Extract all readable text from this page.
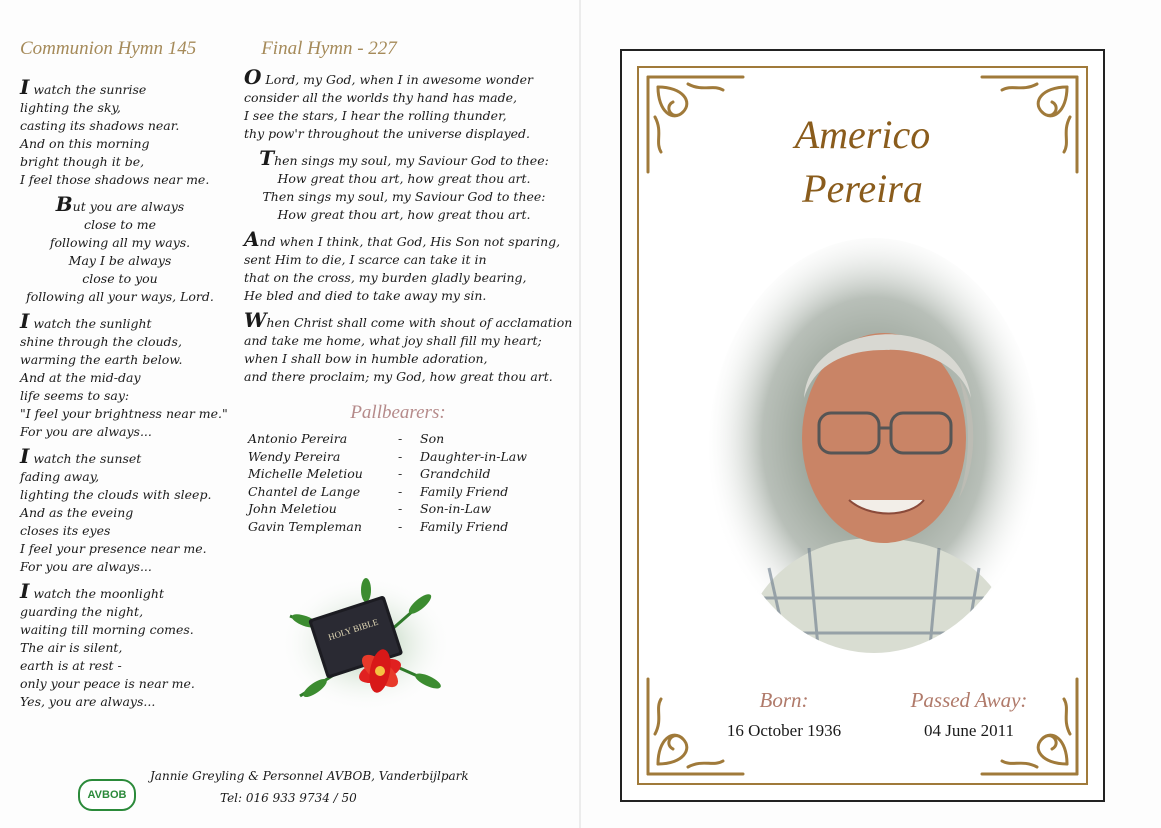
Communion Hymn 145
I watch the sunrise
lighting the sky,
casting its shadows near.
And on this morning
bright though it be,
I feel those shadows near me.
But you are always
close to me
following all my ways.
May I be always
close to you
following all your ways, Lord.
I watch the sunlight
shine through the clouds,
warming the earth below.
And at the mid-day
life seems to say:
"I feel your brightness near me."
For you are always...
I watch the sunset
fading away,
lighting the clouds with sleep.
And as the eveing
closes its eyes
I feel your presence near me.
For you are always...
I watch the moonlight
guarding the night,
waiting till morning comes.
The air is silent,
earth is at rest -
only your peace is near me.
Yes, you are always...
Final Hymn - 227
O Lord, my God, when I in awesome wonder
consider all the worlds thy hand has made,
I see the stars, I hear the rolling thunder,
thy pow'r throughout the universe displayed.
Then sings my soul, my Saviour God to thee:
How great thou art, how great thou art.
Then sings my soul, my Saviour God to thee:
How great thou art, how great thou art.
And when I think, that God, His Son not sparing,
sent Him to die, I scarce can take it in
that on the cross, my burden gladly bearing,
He bled and died to take away my sin.
When Christ shall come with shout of acclamation
and take me home, what joy shall fill my heart;
when I shall bow in humble adoration,
and there proclaim; my God, how great thou art.
Pallbearers:
Antonio Pereira	-	Son
Wendy Pereira	-	Daughter-in-Law
Michelle Meletiou	-	Grandchild
Chantel de Lange	-	Family Friend
John Meletiou	-	Son-in-Law
Gavin Templeman	-	Family Friend
HOLY BIBLE
AVBOB
Jannie Greyling & Personnel AVBOB, Vanderbijlpark
Tel: 016 933 9734 / 50
Americo
Pereira
Born:
16 October 1936
Passed Away:
04 June 2011
